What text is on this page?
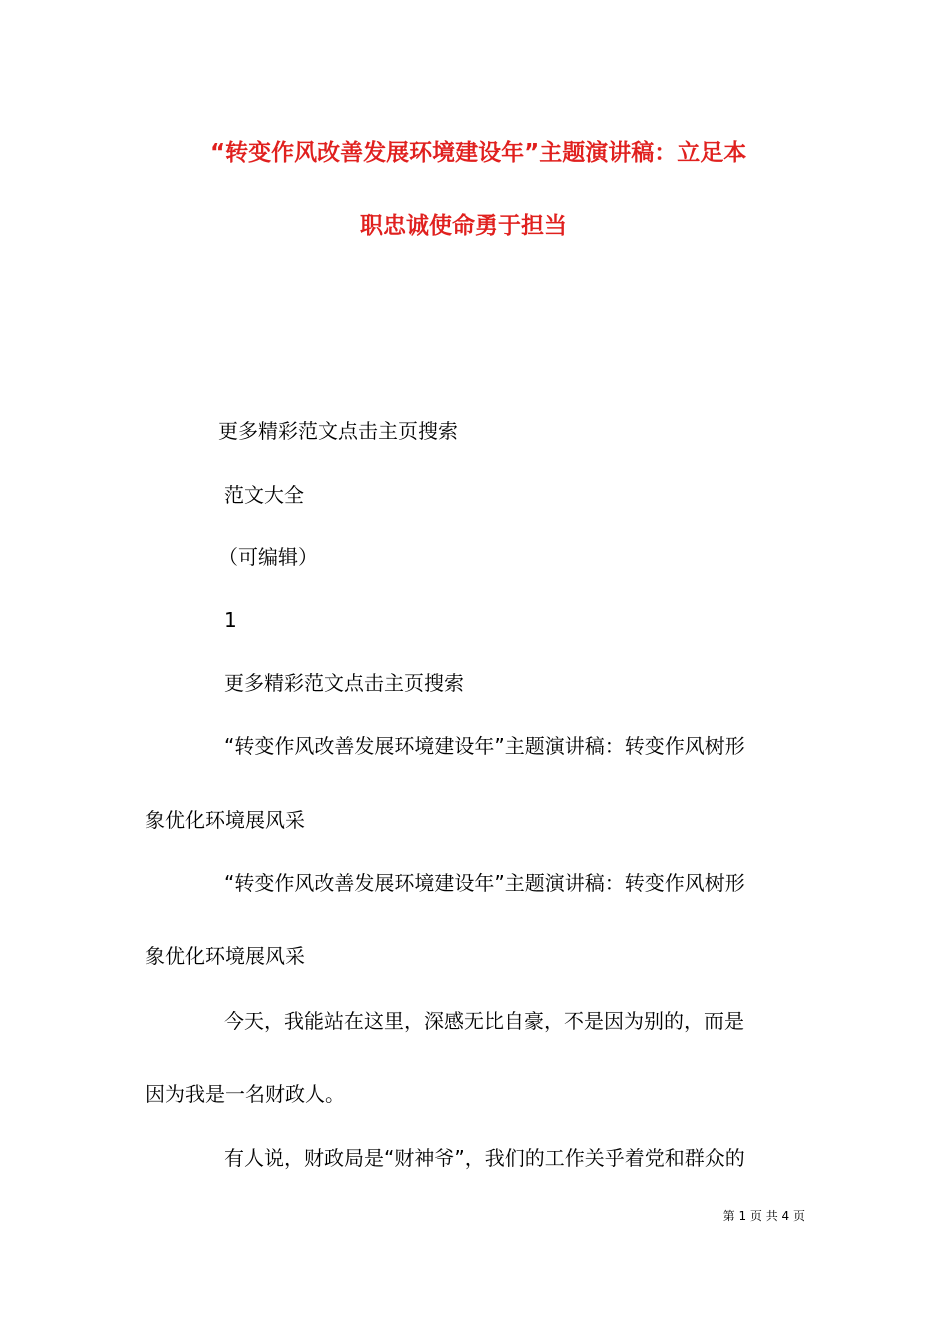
“转变作风改善发展环境建设年”主题演讲稿：立足本
职忠诚使命勇于担当
更多精彩范文点击主页搜索
范文大全
（可编辑）
1
更多精彩范文点击主页搜索
“转变作风改善发展环境建设年”主题演讲稿：转变作风树形
象优化环境展风采
“转变作风改善发展环境建设年”主题演讲稿：转变作风树形
象优化环境展风采
今天，我能站在这里，深感无比自豪，不是因为别的，而是
因为我是一名财政人。
有人说，财政局是“财神爷”，我们的工作关乎着党和群众的
第 1 页 共 4 页
